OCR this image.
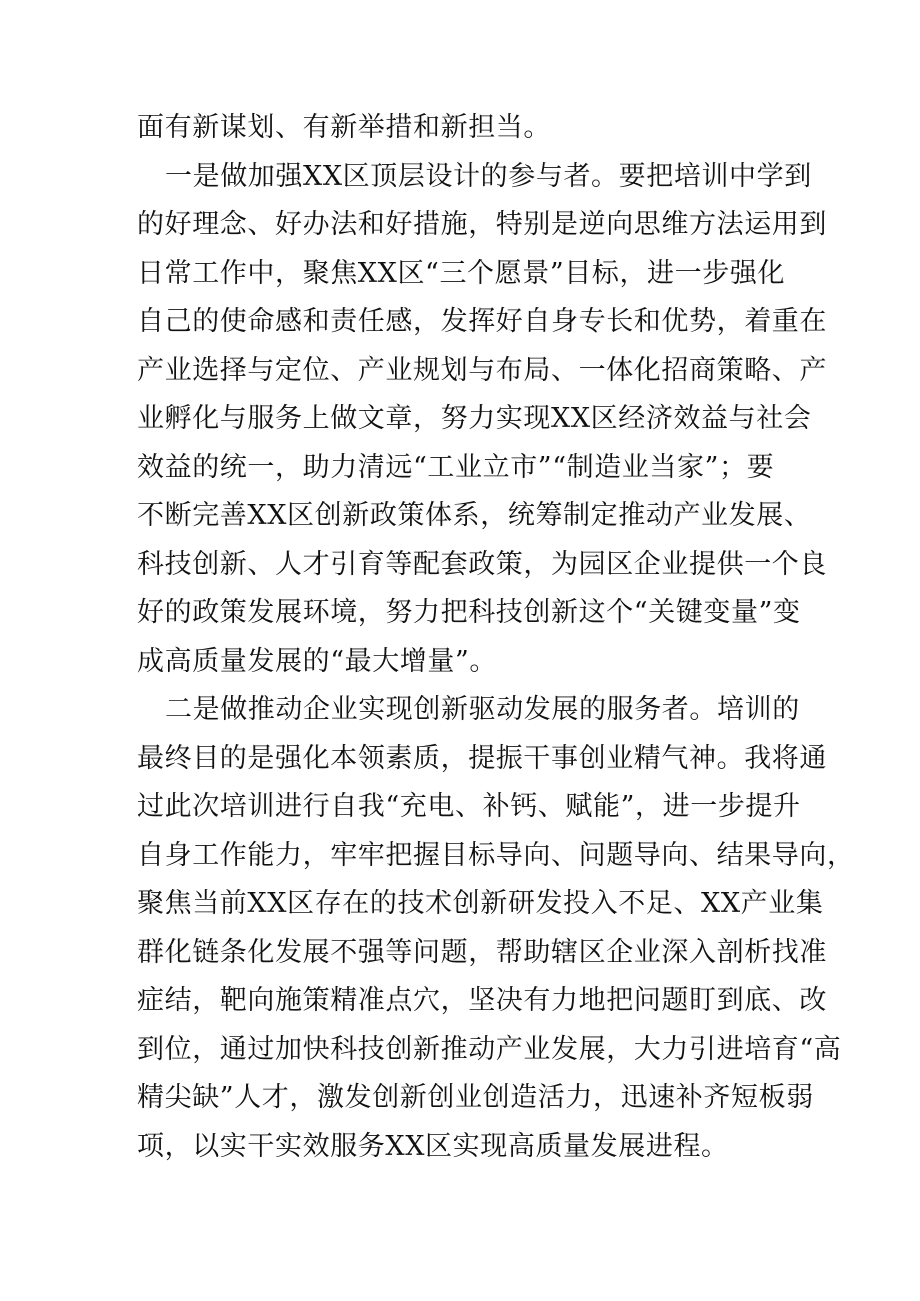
面有新谋划、有新举措和新担当。
一是做加强XX区顶层设计的参与者。要把培训中学到
的好理念、好办法和好措施，特别是逆向思维方法运用到
日常工作中，聚焦XX区“三个愿景”目标，进一步强化
自己的使命感和责任感，发挥好自身专长和优势，着重在
产业选择与定位、产业规划与布局、一体化招商策略、产
业孵化与服务上做文章，努力实现XX区经济效益与社会
效益的统一，助力清远“工业立市”“制造业当家”；要
不断完善XX区创新政策体系，统筹制定推动产业发展、
科技创新、人才引育等配套政策，为园区企业提供一个良
好的政策发展环境，努力把科技创新这个“关键变量”变
成高质量发展的“最大增量”。
二是做推动企业实现创新驱动发展的服务者。培训的
最终目的是强化本领素质，提振干事创业精气神。我将通
过此次培训进行自我“充电、补钙、赋能”，进一步提升
自身工作能力，牢牢把握目标导向、问题导向、结果导向，
聚焦当前XX区存在的技术创新研发投入不足、XX产业集
群化链条化发展不强等问题，帮助辖区企业深入剖析找准
症结，靶向施策精准点穴，坚决有力地把问题盯到底、改
到位，通过加快科技创新推动产业发展，大力引进培育“高
精尖缺”人才，激发创新创业创造活力，迅速补齐短板弱
项，以实干实效服务XX区实现高质量发展进程。
